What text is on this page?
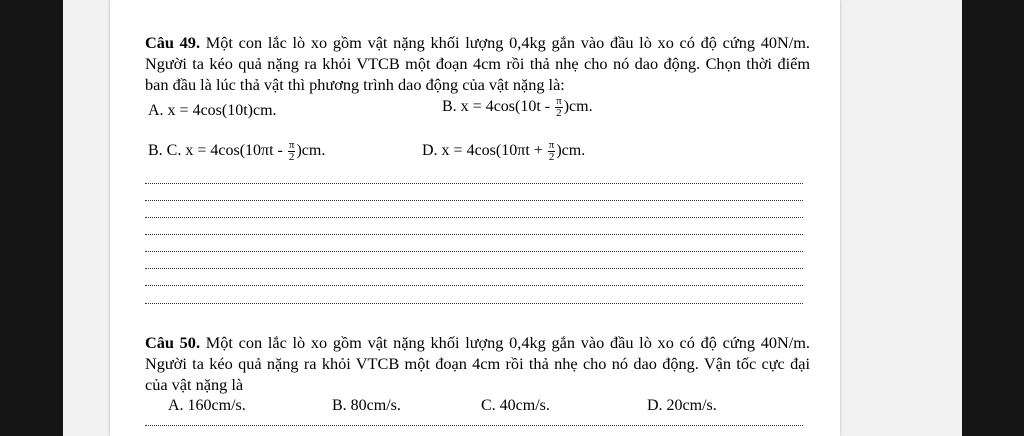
Câu 49. Một con lắc lò xo gồm vật nặng khối lượng 0,4kg gắn vào đầu lò xo có độ cứng 40N/m. Người ta kéo quả nặng ra khỏi VTCB một đoạn 4cm rồi thả nhẹ cho nó dao động. Chọn thời điểm ban đầu là lúc thả vật thì phương trình dao động của vật nặng là:
A. x = 4cos(10t)cm.	B. $x = 4\cos(10t - \frac{\pi}{2} )cm$.
B. C. $x = 4\cos(10\pi t - \frac{\pi}{2} )cm$.	D. $x = 4\cos(10\pi t + \frac{\pi}{2} )cm$.
Câu 50. Một con lắc lò xo gồm vật nặng khối lượng 0,4kg gắn vào đầu lò xo có độ cứng 40N/m. Người ta kéo quả nặng ra khỏi VTCB một đoạn 4cm rồi thả nhẹ cho nó dao động. Vận tốc cực đại của vật nặng là
A. 160cm/s.	B. 80cm/s.	C. 40cm/s.	D. 20cm/s.
